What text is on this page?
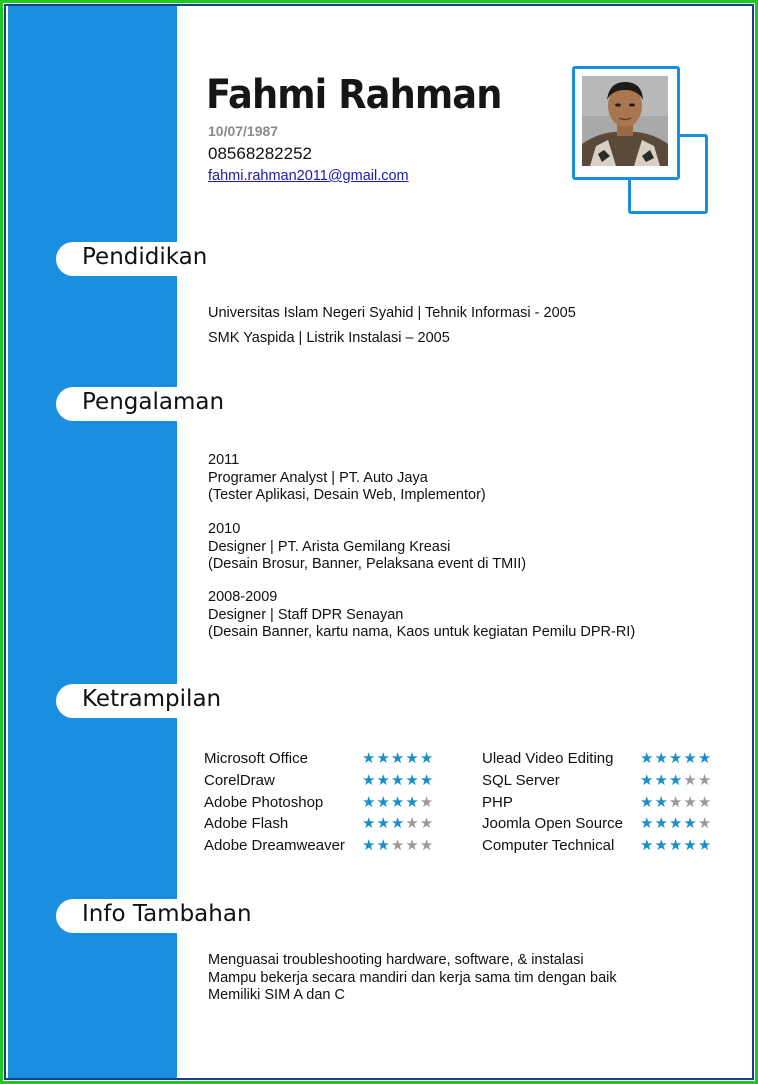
Fahmi Rahman
10/07/1987
08568282252
fahmi.rahman2011@gmail.com
Pendidikan
Universitas Islam Negeri Syahid | Tehnik Informasi - 2005
SMK Yaspida | Listrik Instalasi – 2005
Pengalaman
2011
Programer Analyst | PT. Auto Jaya
(Tester Aplikasi, Desain Web, Implementor)
2010
Designer | PT. Arista Gemilang Kreasi
(Desain Brosur, Banner, Pelaksana event di TMII)
2008-2009
Designer | Staff DPR Senayan
(Desain Banner, kartu nama, Kaos untuk kegiatan Pemilu DPR-RI)
Ketrampilan
Microsoft Office	★★★★★
CorelDraw	★★★★★
Adobe Photoshop	★★★★★
Adobe Flash	★★★★★
Adobe Dreamweaver ★★★★★
Ulead Video Editing ★★★★★
SQL Server	★★★★★
PHP	★★★★★
Joomla Open Source ★★★★★
Computer Technical ★★★★★
Info Tambahan
Menguasai troubleshooting hardware, software, & instalasi
Mampu bekerja secara mandiri dan kerja sama tim dengan baik
Memiliki SIM A dan C
